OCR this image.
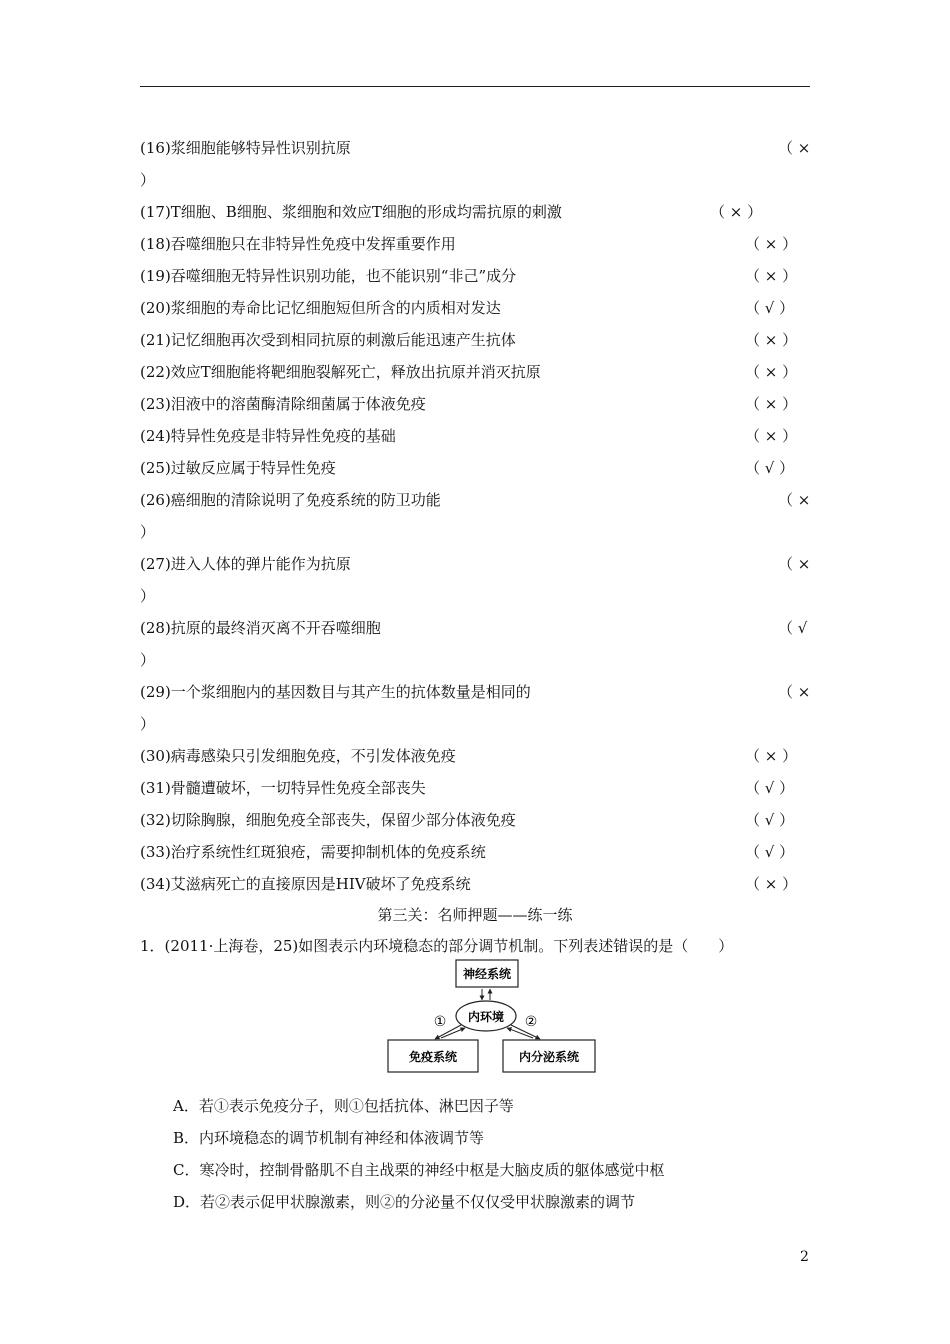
(16)浆细胞能够特异性识别抗原	（ ×
）
(17)T细胞、B细胞、浆细胞和效应T细胞的形成均需抗原的刺激	（ × ）
(18)吞噬细胞只在非特异性免疫中发挥重要作用	（ × ）
(19)吞噬细胞无特异性识别功能，也不能识别“非己”成分	（ × ）
(20)浆细胞的寿命比记忆细胞短但所含的内质相对发达	（ √ ）
(21)记忆细胞再次受到相同抗原的刺激后能迅速产生抗体	（ × ）
(22)效应T细胞能将靶细胞裂解死亡，释放出抗原并消灭抗原	（ × ）
(23)泪液中的溶菌酶清除细菌属于体液免疫	（ × ）
(24)特异性免疫是非特异性免疫的基础	（ × ）
(25)过敏反应属于特异性免疫	（ √ ）
(26)癌细胞的清除说明了免疫系统的防卫功能	（ ×
）
(27)进入人体的弹片能作为抗原	（ ×
）
(28)抗原的最终消灭离不开吞噬细胞	（ √
）
(29)一个浆细胞内的基因数目与其产生的抗体数量是相同的	（ ×
）
(30)病毒感染只引发细胞免疫，不引发体液免疫	（ × ）
(31)骨髓遭破坏，一切特异性免疫全部丧失	（ √ ）
(32)切除胸腺，细胞免疫全部丧失，保留少部分体液免疫	（ √ ）
(33)治疗系统性红斑狼疮，需要抑制机体的免疫系统	（ √ ）
(34)艾滋病死亡的直接原因是HIV破坏了免疫系统	（ × ）
第三关：名师押题——练一练
1．(2011·上海卷，25)如图表示内环境稳态的部分调节机制。下列表述错误的是（　　）
神经系统
内环境
免疫系统	内分泌系统
①	②
A．若①表示免疫分子，则①包括抗体、淋巴因子等
B．内环境稳态的调节机制有神经和体液调节等
C．寒冷时，控制骨骼肌不自主战栗的神经中枢是大脑皮质的躯体感觉中枢
D．若②表示促甲状腺激素，则②的分泌量不仅仅受甲状腺激素的调节
2
